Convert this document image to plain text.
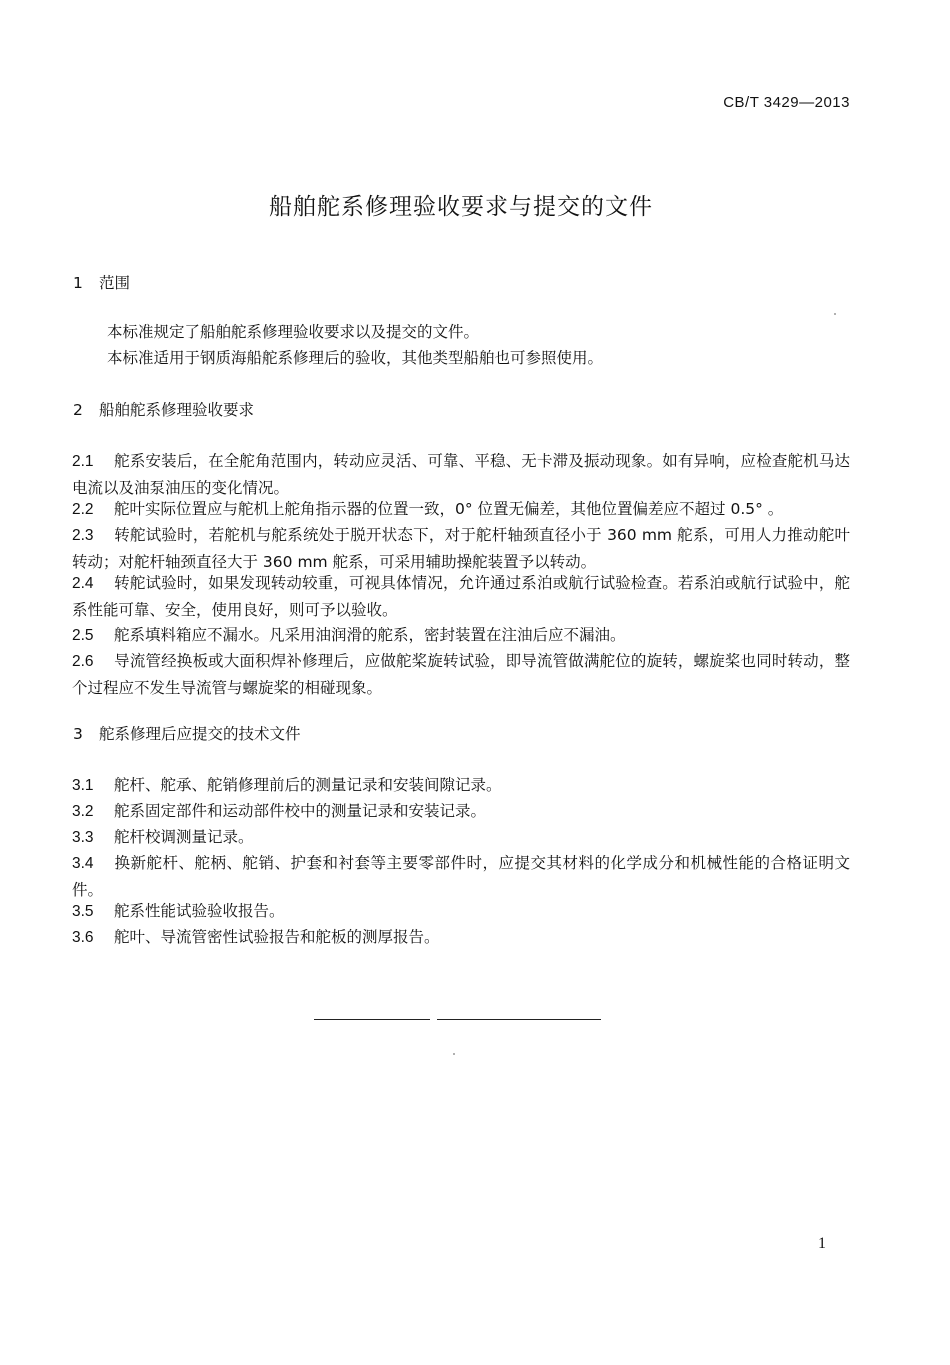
CB/T 3429—2013
船舶舵系修理验收要求与提交的文件
1 范围
本标准规定了船舶舵系修理验收要求以及提交的文件。
本标准适用于钢质海船舵系修理后的验收，其他类型船舶也可参照使用。
2 船舶舵系修理验收要求
2.1 舵系安装后，在全舵角范围内，转动应灵活、可靠、平稳、无卡滞及振动现象。如有异响，应检查舵机马达电流以及油泵油压的变化情况。
2.2 舵叶实际位置应与舵机上舵角指示器的位置一致，0° 位置无偏差，其他位置偏差应不超过 0.5° 。
2.3 转舵试验时，若舵机与舵系统处于脱开状态下，对于舵杆轴颈直径小于 360 mm 舵系，可用人力推动舵叶转动；对舵杆轴颈直径大于 360 mm 舵系，可采用辅助操舵装置予以转动。
2.4 转舵试验时，如果发现转动较重，可视具体情况，允许通过系泊或航行试验检查。若系泊或航行试验中，舵系性能可靠、安全，使用良好，则可予以验收。
2.5 舵系填料箱应不漏水。凡采用油润滑的舵系，密封装置在注油后应不漏油。
2.6 导流管经换板或大面积焊补修理后，应做舵桨旋转试验，即导流管做满舵位的旋转，螺旋桨也同时转动，整个过程应不发生导流管与螺旋桨的相碰现象。
3 舵系修理后应提交的技术文件
3.1 舵杆、舵承、舵销修理前后的测量记录和安装间隙记录。
3.2 舵系固定部件和运动部件校中的测量记录和安装记录。
3.3 舵杆校调测量记录。
3.4 换新舵杆、舵柄、舵销、护套和衬套等主要零部件时，应提交其材料的化学成分和机械性能的合格证明文件。
3.5 舵系性能试验验收报告。
3.6 舵叶、导流管密性试验报告和舵板的测厚报告。
1
